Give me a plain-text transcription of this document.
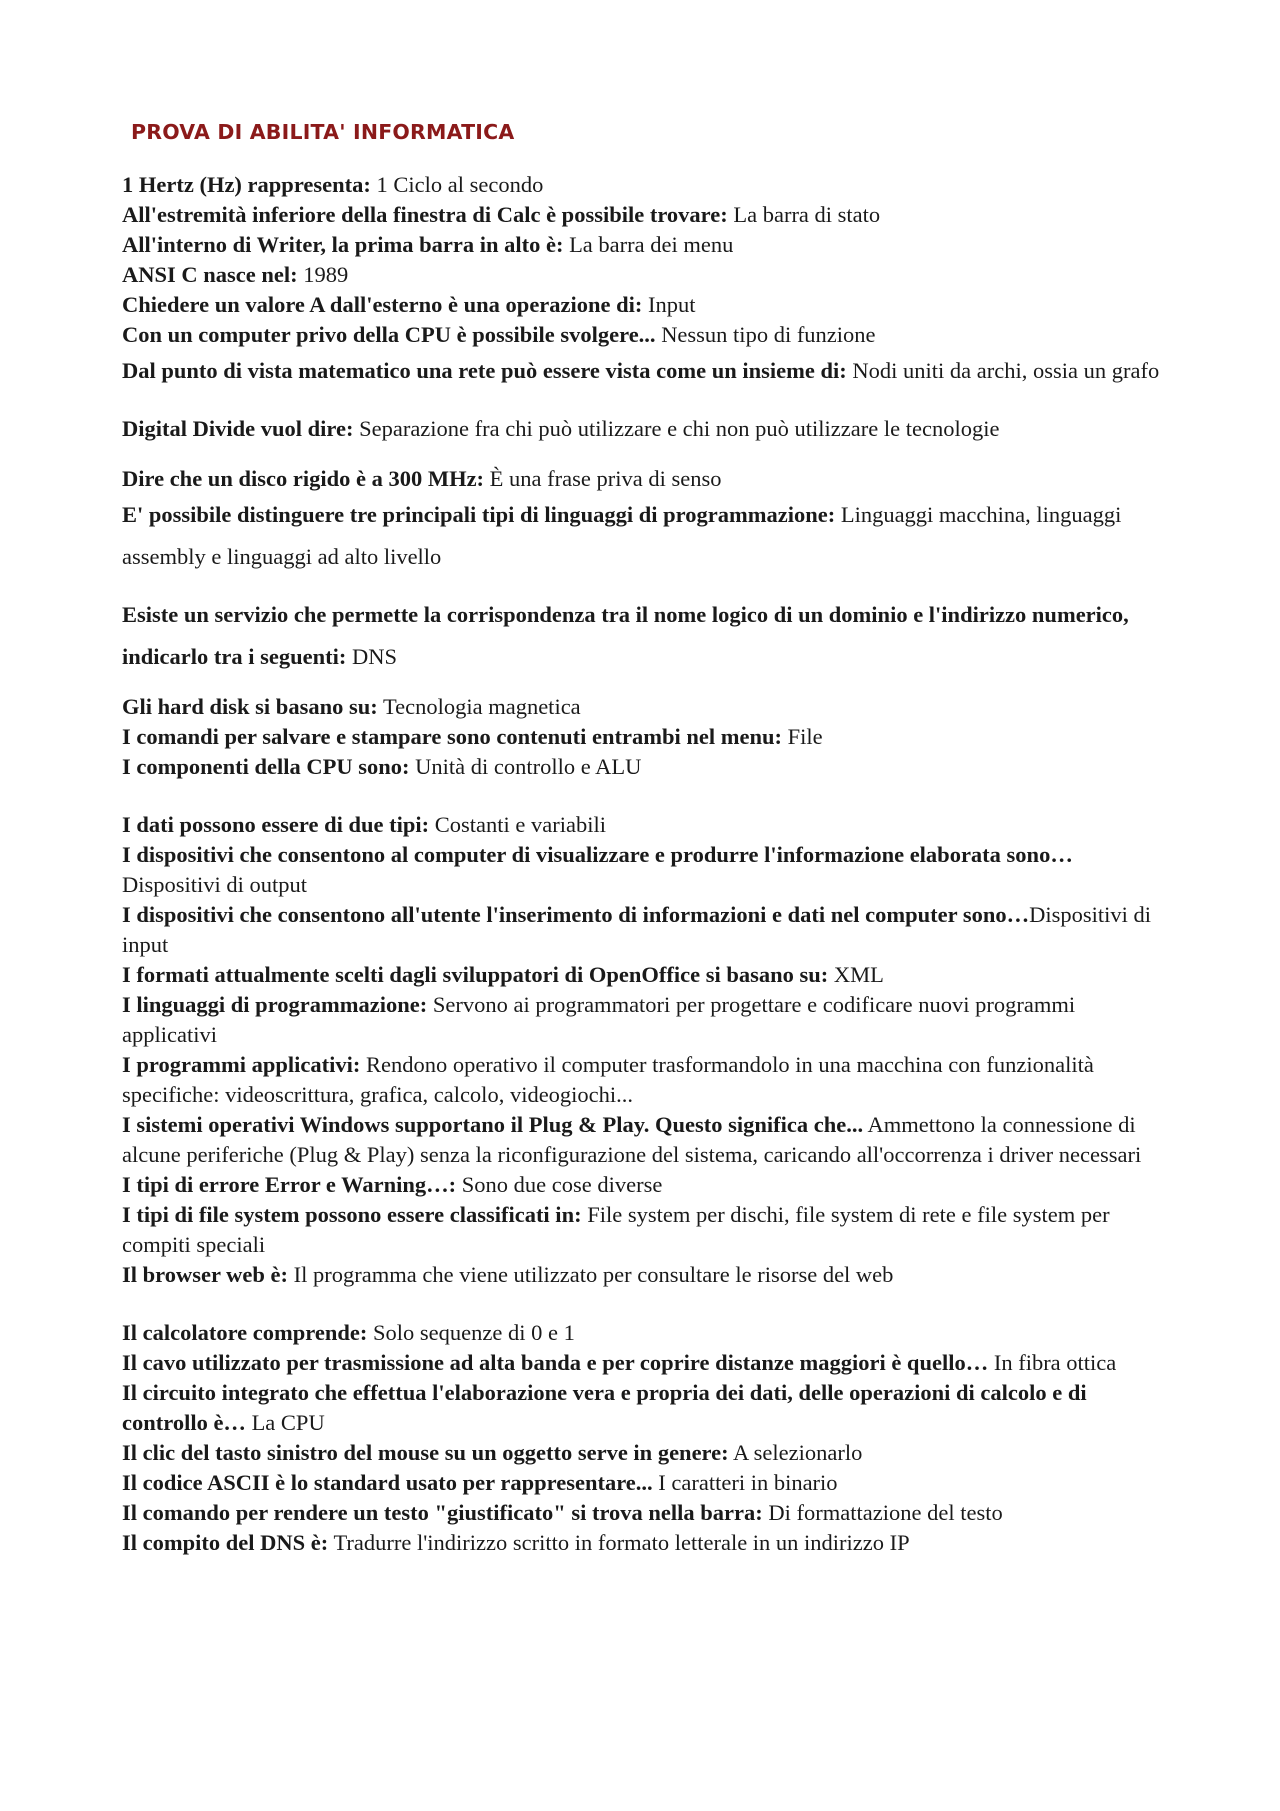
PROVA DI ABILITA' INFORMATICA

1 Hertz (Hz) rappresenta: 1 Ciclo al secondo

All'estremità inferiore della finestra di Calc è possibile trovare: La barra di stato

All'interno di Writer, la prima barra in alto è: La barra dei menu

ANSI C nasce nel: 1989

Chiedere un valore A dall'esterno è una operazione di: Input

Con un computer privo della CPU è possibile svolgere... Nessun tipo di funzione

Dal punto di vista matematico una rete può essere vista come un insieme di: Nodi uniti da archi, ossia un grafo

Digital Divide vuol dire: Separazione fra chi può utilizzare e chi non può utilizzare le tecnologie

Dire che un disco rigido è a 300 MHz: È una frase priva di senso

E' possibile distinguere tre principali tipi di linguaggi di programmazione: Linguaggi macchina, linguaggi assembly e linguaggi ad alto livello

Esiste un servizio che permette la corrispondenza tra il nome logico di un dominio e l'indirizzo numerico, indicarlo tra i seguenti: DNS

Gli hard disk si basano su: Tecnologia magnetica

I comandi per salvare e stampare sono contenuti entrambi nel menu: File

I componenti della CPU sono: Unità di controllo e ALU

I dati possono essere di due tipi: Costanti e variabili

I dispositivi che consentono al computer di visualizzare e produrre l'informazione elaborata sono… Dispositivi di output

I dispositivi che consentono all'utente l'inserimento di informazioni e dati nel computer sono…Dispositivi di input

I formati attualmente scelti dagli sviluppatori di OpenOffice si basano su: XML

I linguaggi di programmazione: Servono ai programmatori per progettare e codificare nuovi programmi applicativi

I programmi applicativi: Rendono operativo il computer trasformandolo in una macchina con funzionalità specifiche: videoscrittura, grafica, calcolo, videogiochi...

I sistemi operativi Windows supportano il Plug & Play. Questo significa che... Ammettono la connessione di alcune periferiche (Plug & Play) senza la riconfigurazione del sistema, caricando all'occorrenza i driver necessari

I tipi di errore Error e Warning…: Sono due cose diverse

I tipi di file system possono essere classificati in: File system per dischi, file system di rete e file system per compiti speciali

Il browser web è: Il programma che viene utilizzato per consultare le risorse del web

Il calcolatore comprende: Solo sequenze di 0 e 1

Il cavo utilizzato per trasmissione ad alta banda e per coprire distanze maggiori è quello… In fibra ottica

Il circuito integrato che effettua l'elaborazione vera e propria dei dati, delle operazioni di calcolo e di controllo è… La CPU

Il clic del tasto sinistro del mouse su un oggetto serve in genere: A selezionarlo

Il codice ASCII è lo standard usato per rappresentare... I caratteri in binario

Il comando per rendere un testo "giustificato" si trova nella barra: Di formattazione del testo

Il compito del DNS è: Tradurre l'indirizzo scritto in formato letterale in un indirizzo IP
